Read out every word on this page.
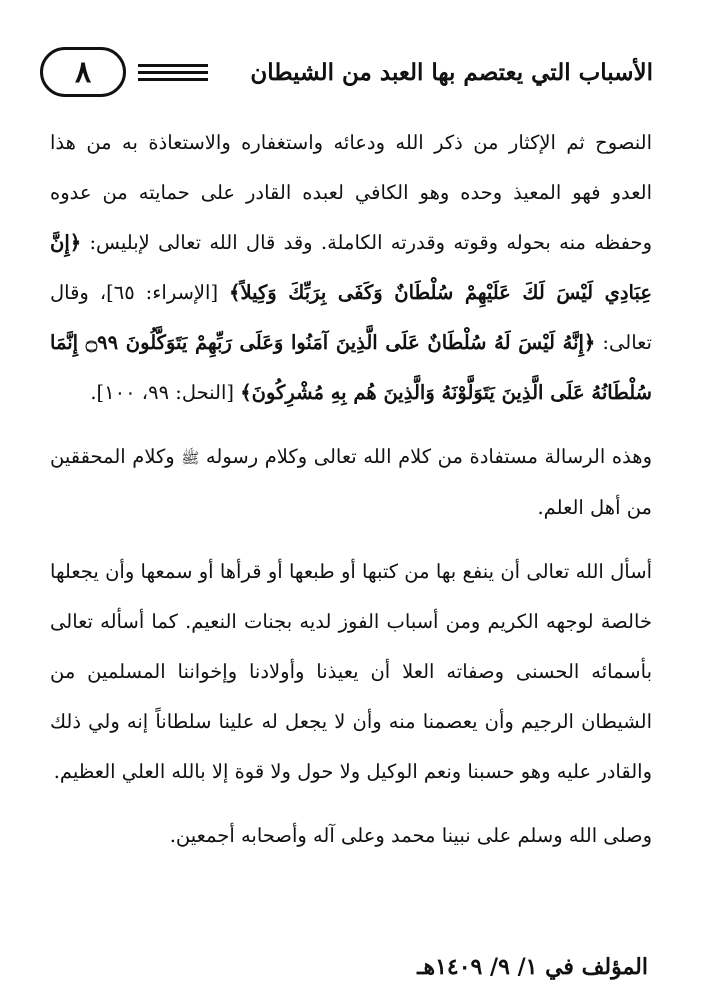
الأسباب التي يعتصم بها العبد من الشيطان
٨

النصوح ثم الإكثار من ذكر الله ودعائه واستغفاره والاستعاذة به من هذا العدو فهو المعيذ وحده وهو الكافي لعبده القادر على حمايته من عدوه وحفظه منه بحوله وقوته وقدرته الكاملة. وقد قال الله تعالى لإبليس: ﴿إِنَّ عِبَادِي لَيْسَ لَكَ عَلَيْهِمْ سُلْطَانٌ وَكَفَى بِرَبِّكَ وَكِيلاً﴾ [الإسراء: ٦٥]، وقال تعالى: ﴿إِنَّهُ لَيْسَ لَهُ سُلْطَانٌ عَلَى الَّذِينَ آمَنُوا وَعَلَى رَبِّهِمْ يَتَوَكَّلُونَ ۝٩٩ إِنَّمَا سُلْطَانُهُ عَلَى الَّذِينَ يَتَوَلَّوْنَهُ وَالَّذِينَ هُم بِهِ مُشْرِكُونَ﴾ [النحل: ٩٩، ١٠٠].

وهذه الرسالة مستفادة من كلام الله تعالى وكلام رسوله ﷺ وكلام المحققين من أهل العلم.

أسأل الله تعالى أن ينفع بها من كتبها أو طبعها أو قرأها أو سمعها وأن يجعلها خالصة لوجهه الكريم ومن أسباب الفوز لديه بجنات النعيم. كما أسأله تعالى بأسمائه الحسنى وصفاته العلا أن يعيذنا وأولادنا وإخواننا المسلمين من الشيطان الرجيم وأن يعصمنا منه وأن لا يجعل له علينا سلطاناً إنه ولي ذلك والقادر عليه وهو حسبنا ونعم الوكيل ولا حول ولا قوة إلا بالله العلي العظيم.

وصلى الله وسلم على نبينا محمد وعلى آله وأصحابه أجمعين.

المؤلف في ١/ ٩/ ١٤٠٩هـ
